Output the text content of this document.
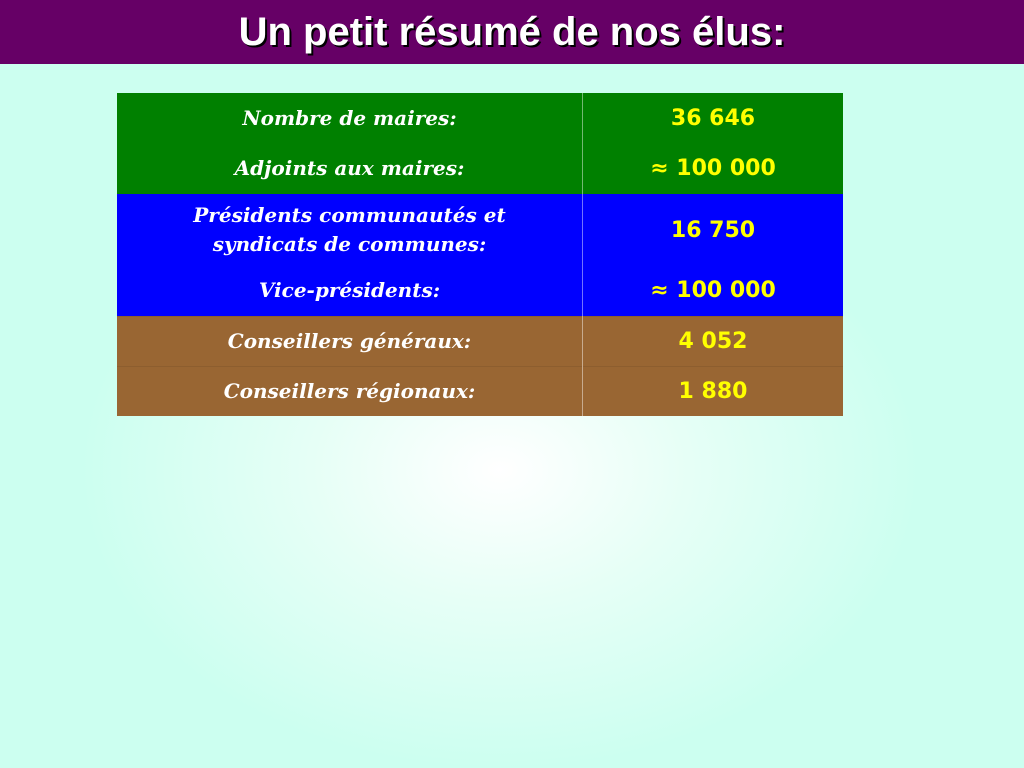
Un petit résumé de nos élus:
Nombre de maires:	36 646
Adjoints aux maires:	≈ 100 000
Présidents communautés et syndicats de communes:	16 750
Vice-présidents:	≈ 100 000
Conseillers généraux:	4 052
Conseillers régionaux:	1 880
